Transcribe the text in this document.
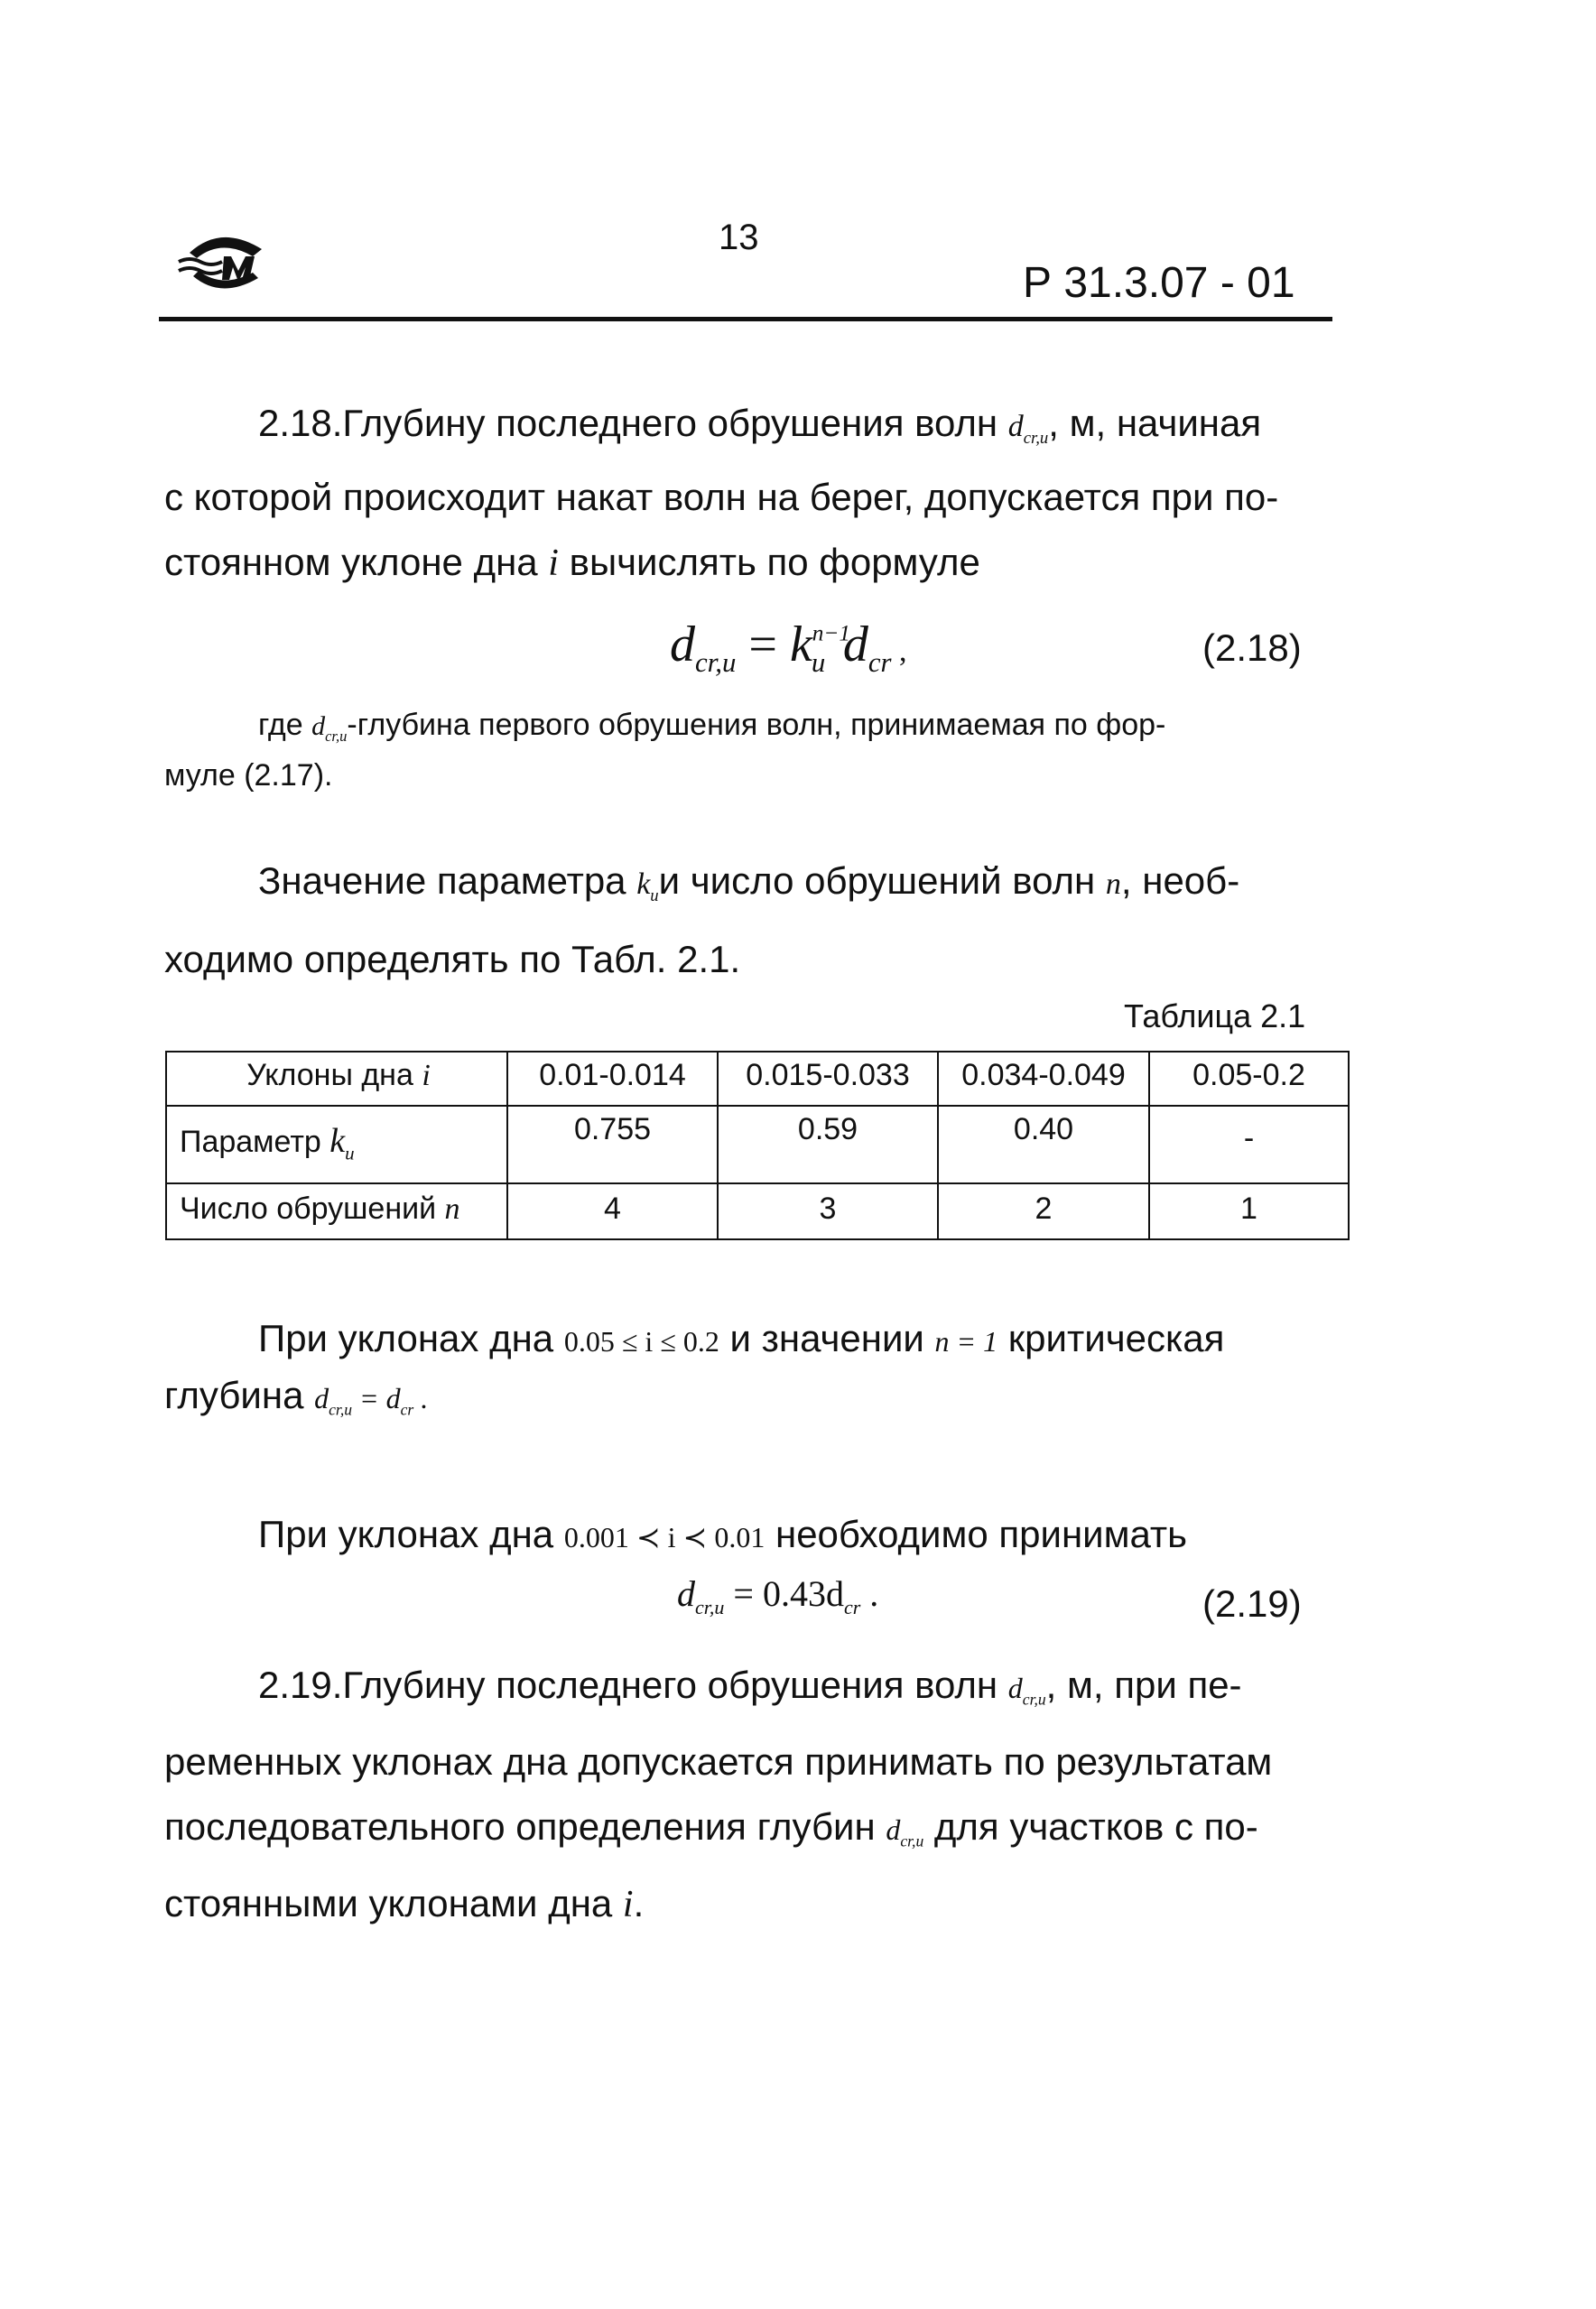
13
Р 31.3.07 - 01
2.18.Глубину последнего обрушения волн $d_{cr,u}$, м, начиная
с которой происходит накат волн на берег, допускается при по-
стоянном уклоне дна i вычислять по формуле
$d_{cr,u} = k^{n-1}_u$ $d_{cr}$ ,	(2.18)
где $d_{cr,u}$-глубина первого обрушения волн, принимаемая по фор-
муле (2.17).
Значение параметра $k_uи$ число обрушений волн n, необ-
ходимо определять по Табл. 2.1.
Таблица 2.1
Уклоны дна i	0.01-0.014	0.015-0.033	0.034-0.049	0.05-0.2
Параметр $k_u$	0.755	0.59	0.40	-
Число обрушений n	4	3	2	1
При уклонах дна 0.05 ≤ i ≤ 0.2 и значении n = 1 критическая
глубина $d_{cr,u} = d_{cr}$ .
При уклонах дна 0.001 ≺ i ≺ 0.01 необходимо принимать
$d_{cr,u} = 0.43d_{cr}$ .	(2.19)
2.19.Глубину последнего обрушения волн $d_{cr,u}$, м, при пе-
ременных уклонах дна допускается принимать по результатам
последовательного определения глубин $d_{cr,u}$ для участков с по-
стоянными уклонами дна i.
